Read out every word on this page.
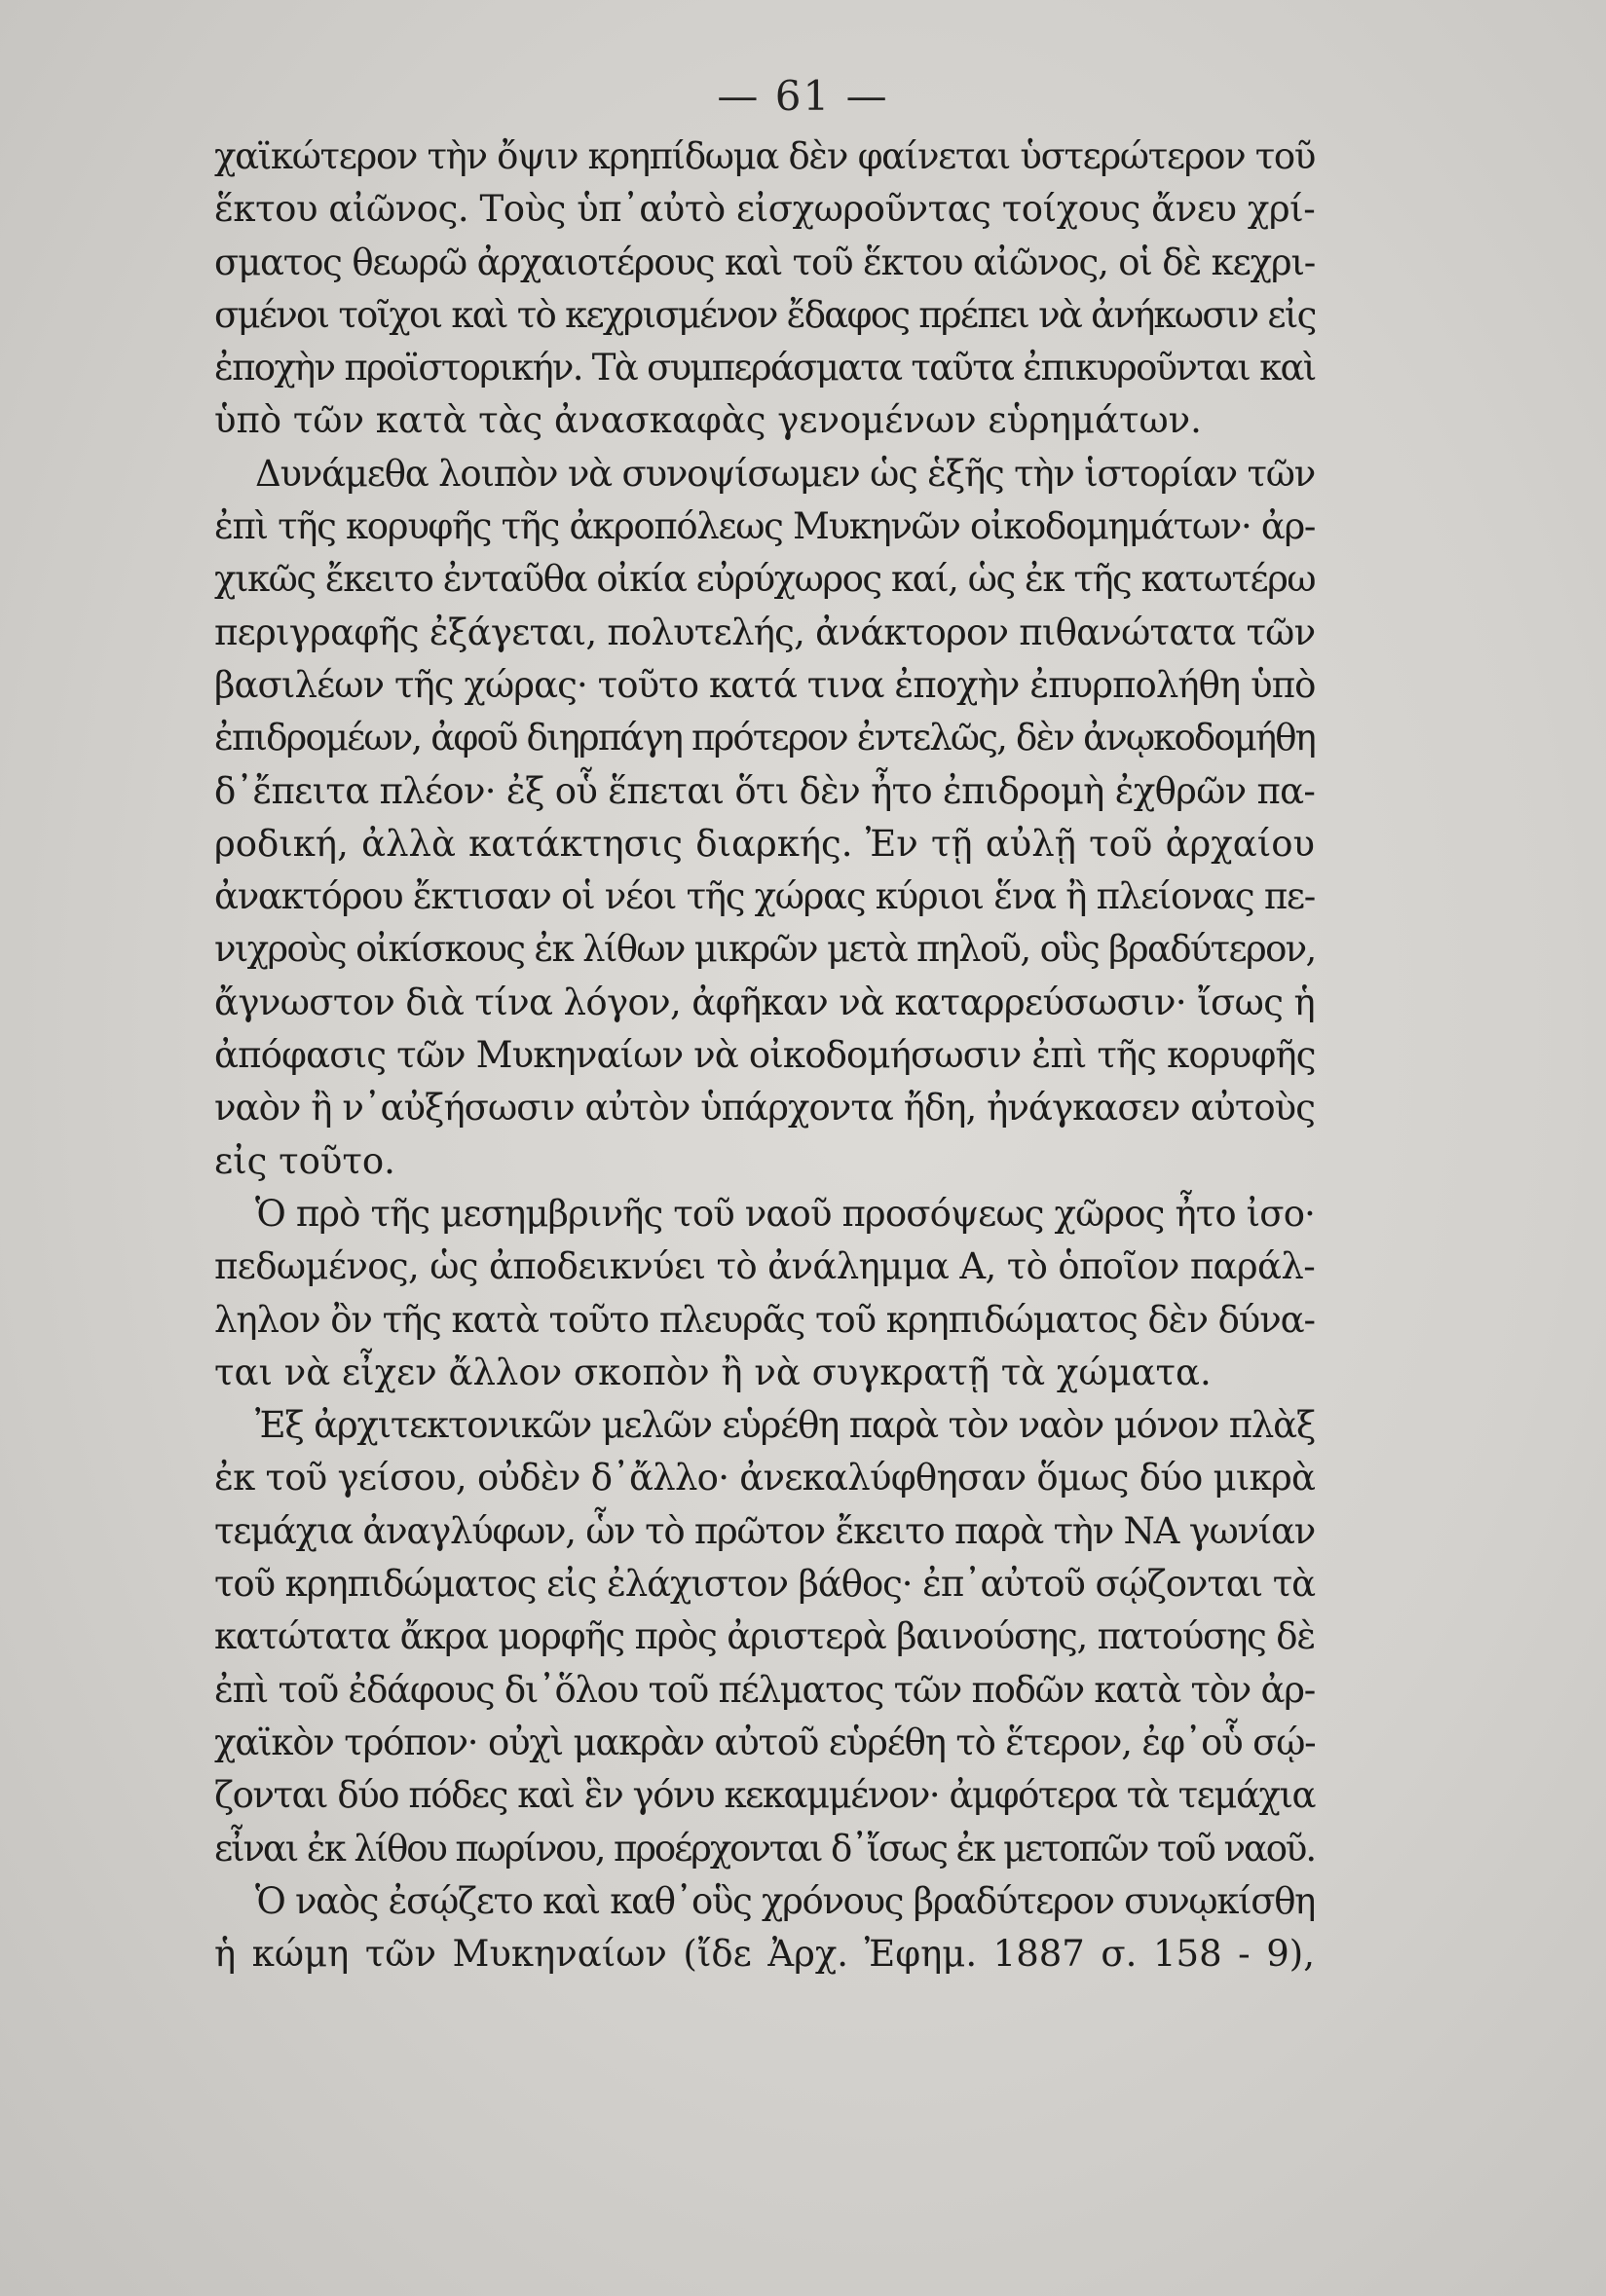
— 61 —
χαϊκώτερον τὴν ὄψιν κρηπίδωμα δὲν φαίνεται ὑστερώτερον τοῦ
ἕκτου αἰῶνος. Τοὺς ὑπ᾽αὐτὸ εἰσχωροῦντας τοίχους ἄνευ χρί-
σματος θεωρῶ ἀρχαιοτέρους καὶ τοῦ ἕκτου αἰῶνος, οἱ δὲ κεχρι-
σμένοι τοῖχοι καὶ τὸ κεχρισμένον ἔδαφος πρέπει νὰ ἀνήκωσιν εἰς
ἐποχὴν προϊστορικήν. Τὰ συμπεράσματα ταῦτα ἐπικυροῦνται καὶ
ὑπὸ τῶν κατὰ τὰς ἀνασκαφὰς γενομένων εὑρημάτων.
Δυνάμεθα λοιπὸν νὰ συνοψίσωμεν ὡς ἑξῆς τὴν ἱστορίαν τῶν
ἐπὶ τῆς κορυφῆς τῆς ἀκροπόλεως Μυκηνῶν οἰκοδομημάτων· ἀρ-
χικῶς ἔκειτο ἐνταῦθα οἰκία εὐρύχωρος καί, ὡς ἐκ τῆς κατωτέρω
περιγραφῆς ἐξάγεται, πολυτελής, ἀνάκτορον πιθανώτατα τῶν
βασιλέων τῆς χώρας· τοῦτο κατά τινα ἐποχὴν ἐπυρπολήθη ὑπὸ
ἐπιδρομέων, ἀφοῦ διηρπάγη πρότερον ἐντελῶς, δὲν ἀνῳκοδομήθη
δ᾽ἔπειτα πλέον· ἐξ οὗ ἕπεται ὅτι δὲν ἦτο ἐπιδρομὴ ἐχθρῶν πα-
ροδική, ἀλλὰ κατάκτησις διαρκής. Ἐν τῇ αὐλῇ τοῦ ἀρχαίου
ἀνακτόρου ἔκτισαν οἱ νέοι τῆς χώρας κύριοι ἕνα ἢ πλείονας πε-
νιχροὺς οἰκίσκους ἐκ λίθων μικρῶν μετὰ πηλοῦ, οὓς βραδύτερον,
ἄγνωστον διὰ τίνα λόγον, ἀφῆκαν νὰ καταρρεύσωσιν· ἴσως ἡ
ἀπόφασις τῶν Μυκηναίων νὰ οἰκοδομήσωσιν ἐπὶ τῆς κορυφῆς
ναὸν ἢ ν᾽αὐξήσωσιν αὐτὸν ὑπάρχοντα ἤδη, ἠνάγκασεν αὐτοὺς
εἰς τοῦτο.
Ὁ πρὸ τῆς μεσημβρινῆς τοῦ ναοῦ προσόψεως χῶρος ἦτο ἰσο·
πεδωμένος, ὡς ἀποδεικνύει τὸ ἀνάλημμα Α, τὸ ὁποῖον παράλ-
ληλον ὂν τῆς κατὰ τοῦτο πλευρᾶς τοῦ κρηπιδώματος δὲν δύνα-
ται νὰ εἶχεν ἄλλον σκοπὸν ἢ νὰ συγκρατῇ τὰ χώματα.
Ἐξ ἀρχιτεκτονικῶν μελῶν εὑρέθη παρὰ τὸν ναὸν μόνον πλὰξ
ἐκ τοῦ γείσου, οὐδὲν δ᾽ἄλλο· ἀνεκαλύφθησαν ὅμως δύο μικρὰ
τεμάχια ἀναγλύφων, ὧν τὸ πρῶτον ἔκειτο παρὰ τὴν ΝΑ γωνίαν
τοῦ κρηπιδώματος εἰς ἐλάχιστον βάθος· ἐπ᾽αὐτοῦ σῴζονται τὰ
κατώτατα ἄκρα μορφῆς πρὸς ἀριστερὰ βαινούσης, πατούσης δὲ
ἐπὶ τοῦ ἐδάφους δι᾽ὅλου τοῦ πέλματος τῶν ποδῶν κατὰ τὸν ἀρ-
χαϊκὸν τρόπον· οὐχὶ μακρὰν αὐτοῦ εὑρέθη τὸ ἕτερον, ἐφ᾽οὗ σῴ-
ζονται δύο πόδες καὶ ἓν γόνυ κεκαμμένον· ἀμφότερα τὰ τεμάχια
εἶναι ἐκ λίθου πωρίνου, προέρχονται δ᾽ἴσως ἐκ μετοπῶν τοῦ ναοῦ.
Ὁ ναὸς ἐσῴζετο καὶ καθ᾽οὓς χρόνους βραδύτερον συνῳκίσθη
ἡ κώμη τῶν Μυκηναίων (ἴδε Ἀρχ. Ἐφημ. 1887 σ. 158 - 9),
